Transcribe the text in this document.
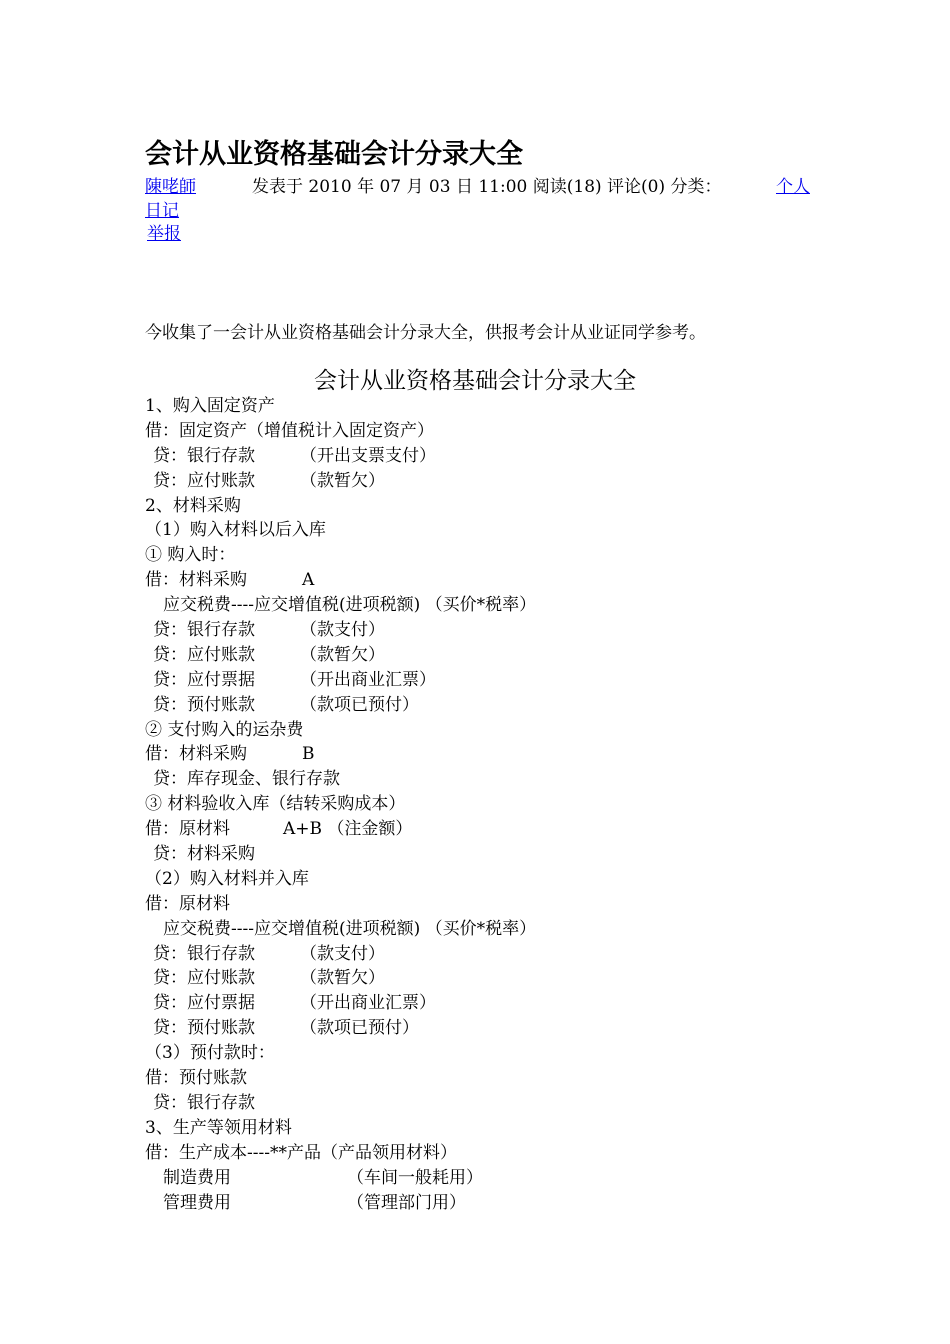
会计从业资格基础会计分录大全
陳咾師	发表于 2010 年 07 月 03 日 11:00 阅读(18) 评论(0) 分类：	个人

日记
举报
今收集了一会计从业资格基础会计分录大全，供报考会计从业证同学参考。
会计从业资格基础会计分录大全
1、购入固定资产
借：固定资产（增值税计入固定资产）
贷：银行存款	（开出支票支付）
贷：应付账款	（款暂欠）
2、材料采购
（1）购入材料以后入库
① 购入时：
借：材料采购	A
应交税费----应交增值税(进项税额) （买价*税率）
贷：银行存款	（款支付）
贷：应付账款	（款暂欠）
贷：应付票据	（开出商业汇票）
贷：预付账款	（款项已预付）
② 支付购入的运杂费
借：材料采购	B
贷：库存现金、银行存款
③ 材料验收入库（结转采购成本）
借：原材料	A+B （注金额）
贷：材料采购
（2）购入材料并入库
借：原材料
应交税费----应交增值税(进项税额) （买价*税率）
贷：银行存款	（款支付）
贷：应付账款	（款暂欠）
贷：应付票据	（开出商业汇票）
贷：预付账款	（款项已预付）
（3）预付款时：
借：预付账款
贷：银行存款
3、生产等领用材料
借：生产成本----**产品（产品领用材料）
制造费用	（车间一般耗用）
管理费用	（管理部门用）
